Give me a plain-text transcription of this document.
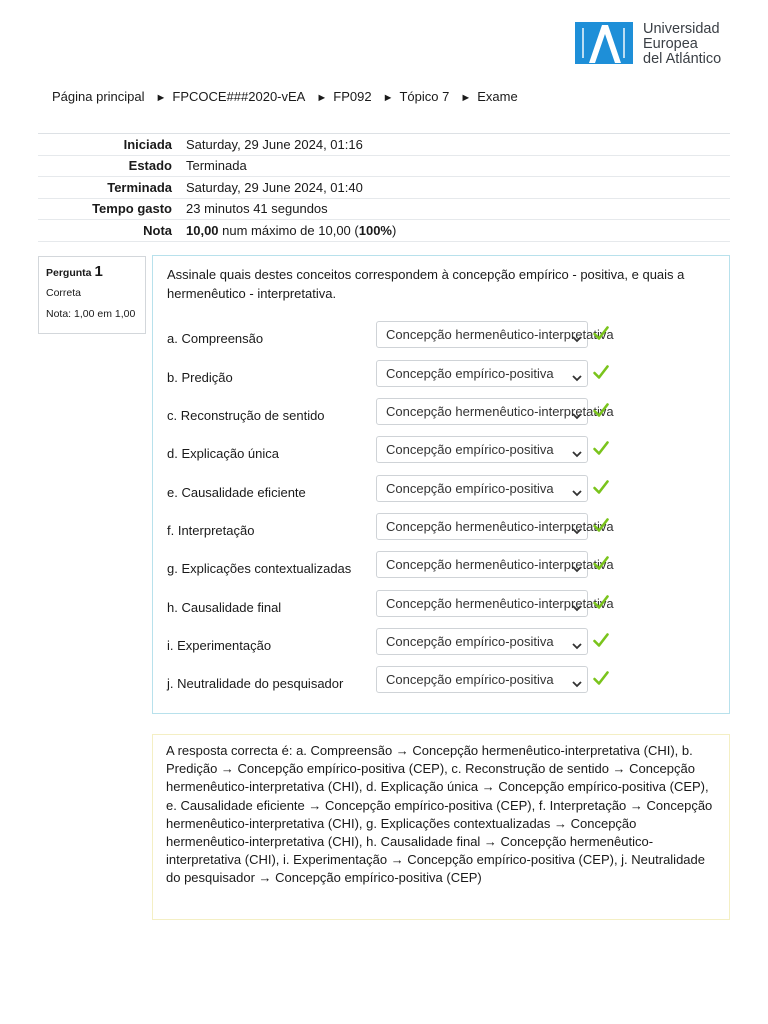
Universidad
Europea
del Atlántico
Página principal ► FPCOCE###2020-vEA ► FP092 ► Tópico 7 ► Exame
Iniciada	Saturday, 29 June 2024, 01:16
Estado	Terminada
Terminada	Saturday, 29 June 2024, 01:40
Tempo gasto	23 minutos 41 segundos
Nota	10,00 num máximo de 10,00 (100%)
Pergunta 1
Correta
Nota: 1,00 em 1,00
Assinale quais destes conceitos correspondem à concepção empírico - positiva, e quais a hermenêutico - interpretativa.
a. Compreensão	Concepção hermenêutico-interpretativa
b. Predição	Concepção empírico-positiva
c. Reconstrução de sentido	Concepção hermenêutico-interpretativa
d. Explicação única	Concepção empírico-positiva
e. Causalidade eficiente	Concepção empírico-positiva
f. Interpretação	Concepção hermenêutico-interpretativa
g. Explicações contextualizadas	Concepção hermenêutico-interpretativa
h. Causalidade final	Concepção hermenêutico-interpretativa
i. Experimentação	Concepção empírico-positiva
j. Neutralidade do pesquisador	Concepção empírico-positiva
A resposta correcta é: a. Compreensão → Concepção hermenêutico-interpretativa (CHI), b. Predição → Concepção empírico-positiva (CEP), c. Reconstrução de sentido → Concepção hermenêutico-interpretativa (CHI), d. Explicação única → Concepção empírico-positiva (CEP), e. Causalidade eficiente → Concepção empírico-positiva (CEP), f. Interpretação → Concepção hermenêutico-interpretativa (CHI), g. Explicações contextualizadas → Concepção hermenêutico-interpretativa (CHI), h. Causalidade final → Concepção hermenêutico-interpretativa (CHI), i. Experimentação → Concepção empírico-positiva (CEP), j. Neutralidade do pesquisador → Concepção empírico-positiva (CEP)
